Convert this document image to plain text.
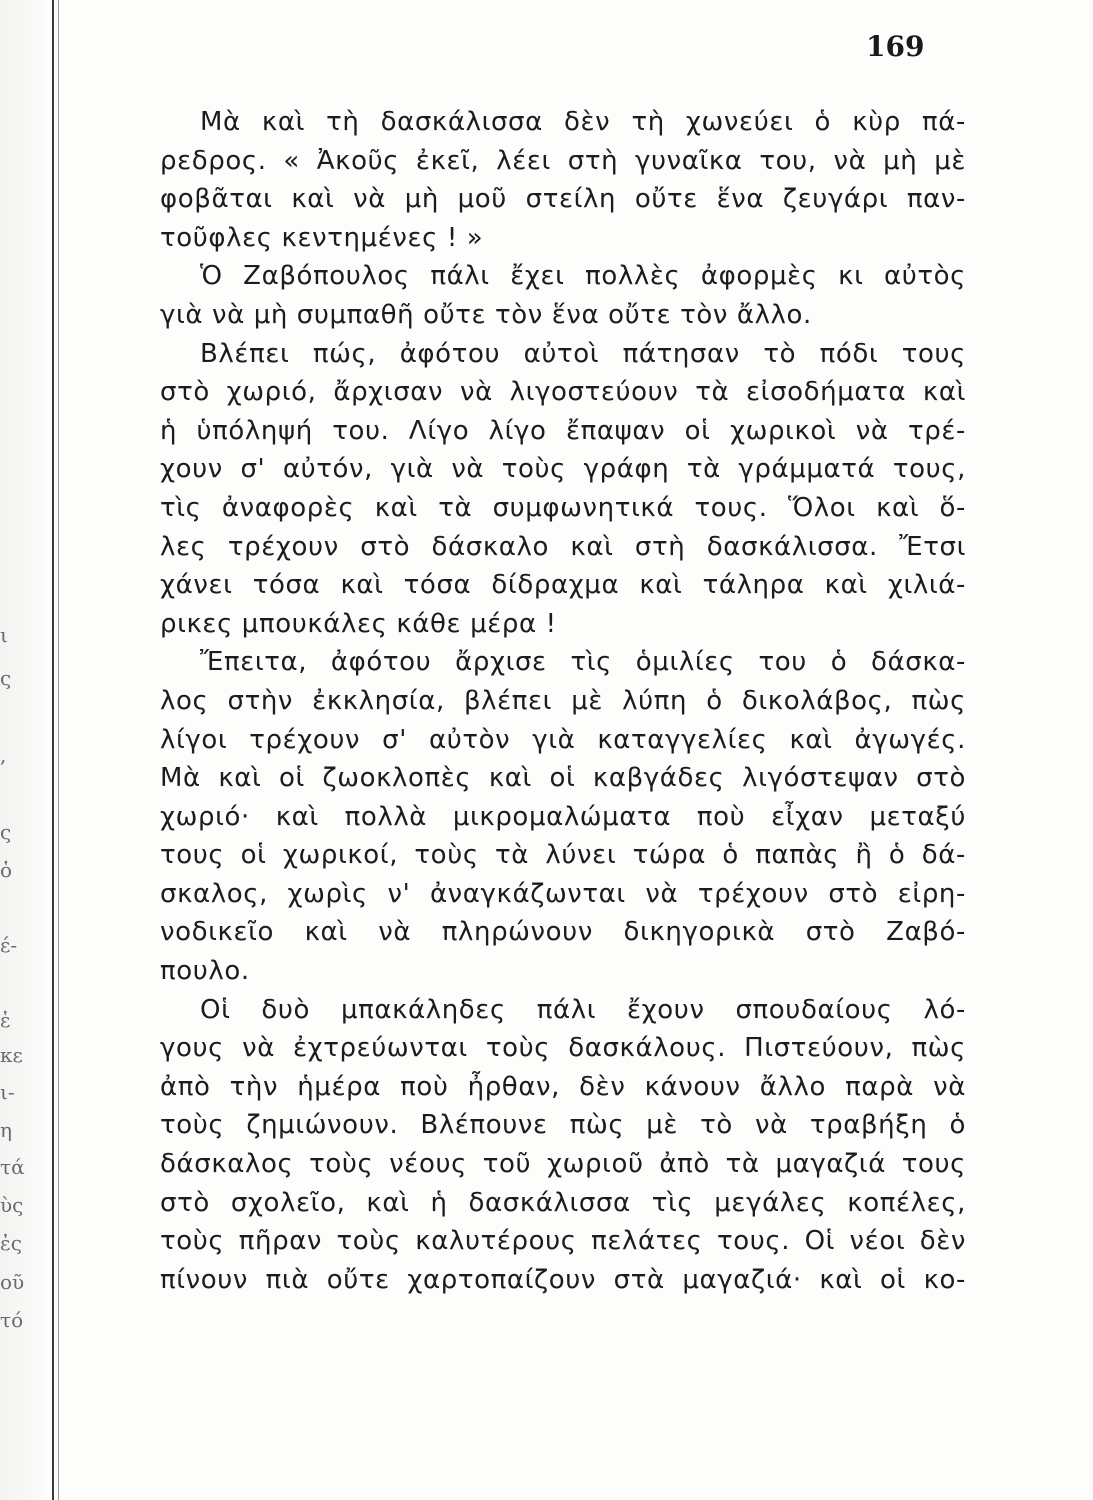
ι
ς
,
ς
ὁ
έ-
ἑ
κε
ι-
η
τά
ὺς
ἐς
οῦ
τό
169
Μὰ καὶ τὴ δασκάλισσα δὲν τὴ χωνεύει ὁ κὺρ πά-
ρεδρος. « Ἀκοῦς ἐκεῖ, λέει στὴ γυναῖκα του, νὰ μὴ μὲ
φοβᾶται καὶ νὰ μὴ μοῦ στείλη οὔτε ἕνα ζευγάρι παν-
τοῦφλες κεντημένες ! »
Ὁ Ζαβόπουλος πάλι ἔχει πολλὲς ἀφορμὲς κι αὐτὸς
γιὰ νὰ μὴ συμπαθῆ οὔτε τὸν ἕνα οὔτε τὸν ἄλλο.
Βλέπει πώς, ἀφότου αὐτοὶ πάτησαν τὸ πόδι τους
στὸ χωριό, ἄρχισαν νὰ λιγοστεύουν τὰ εἰσοδήματα καὶ
ἡ ὑπόληψή του. Λίγο λίγο ἔπαψαν οἱ χωρικοὶ νὰ τρέ-
χουν σ' αὐτόν, γιὰ νὰ τοὺς γράφη τὰ γράμματά τους,
τὶς ἀναφορὲς καὶ τὰ συμφωνητικά τους. Ὅλοι καὶ ὅ-
λες τρέχουν στὸ δάσκαλο καὶ στὴ δασκάλισσα. Ἔτσι
χάνει τόσα καὶ τόσα δίδραχμα καὶ τάληρα καὶ χιλιά-
ρικες μπουκάλες κάθε μέρα !
Ἔπειτα, ἀφότου ἄρχισε τὶς ὁμιλίες του ὁ δάσκα-
λος στὴν ἐκκλησία, βλέπει μὲ λύπη ὁ δικολάβος, πὼς
λίγοι τρέχουν σ' αὐτὸν γιὰ καταγγελίες καὶ ἀγωγές.
Μὰ καὶ οἱ ζωοκλοπὲς καὶ οἱ καβγάδες λιγόστεψαν στὸ
χωριό· καὶ πολλὰ μικρομαλώματα ποὺ εἶχαν μεταξύ
τους οἱ χωρικοί, τοὺς τὰ λύνει τώρα ὁ παπὰς ἢ ὁ δά-
σκαλος, χωρὶς ν' ἀναγκάζωνται νὰ τρέχουν στὸ εἰρη-
νοδικεῖο καὶ νὰ πληρώνουν δικηγορικὰ στὸ Ζαβό-
πουλο.
Οἱ δυὸ μπακάληδες πάλι ἔχουν σπουδαίους λό-
γους νὰ ἐχτρεύωνται τοὺς δασκάλους. Πιστεύουν, πὼς
ἀπὸ τὴν ἡμέρα ποὺ ἦρθαν, δὲν κάνουν ἄλλο παρὰ νὰ
τοὺς ζημιώνουν. Βλέπουνε πὼς μὲ τὸ νὰ τραβήξη ὁ
δάσκαλος τοὺς νέους τοῦ χωριοῦ ἀπὸ τὰ μαγαζιά τους
στὸ σχολεῖο, καὶ ἡ δασκάλισσα τὶς μεγάλες κοπέλες,
τοὺς πῆραν τοὺς καλυτέρους πελάτες τους. Οἱ νέοι δὲν
πίνουν πιὰ οὔτε χαρτοπαίζουν στὰ μαγαζιά· καὶ οἱ κο-
